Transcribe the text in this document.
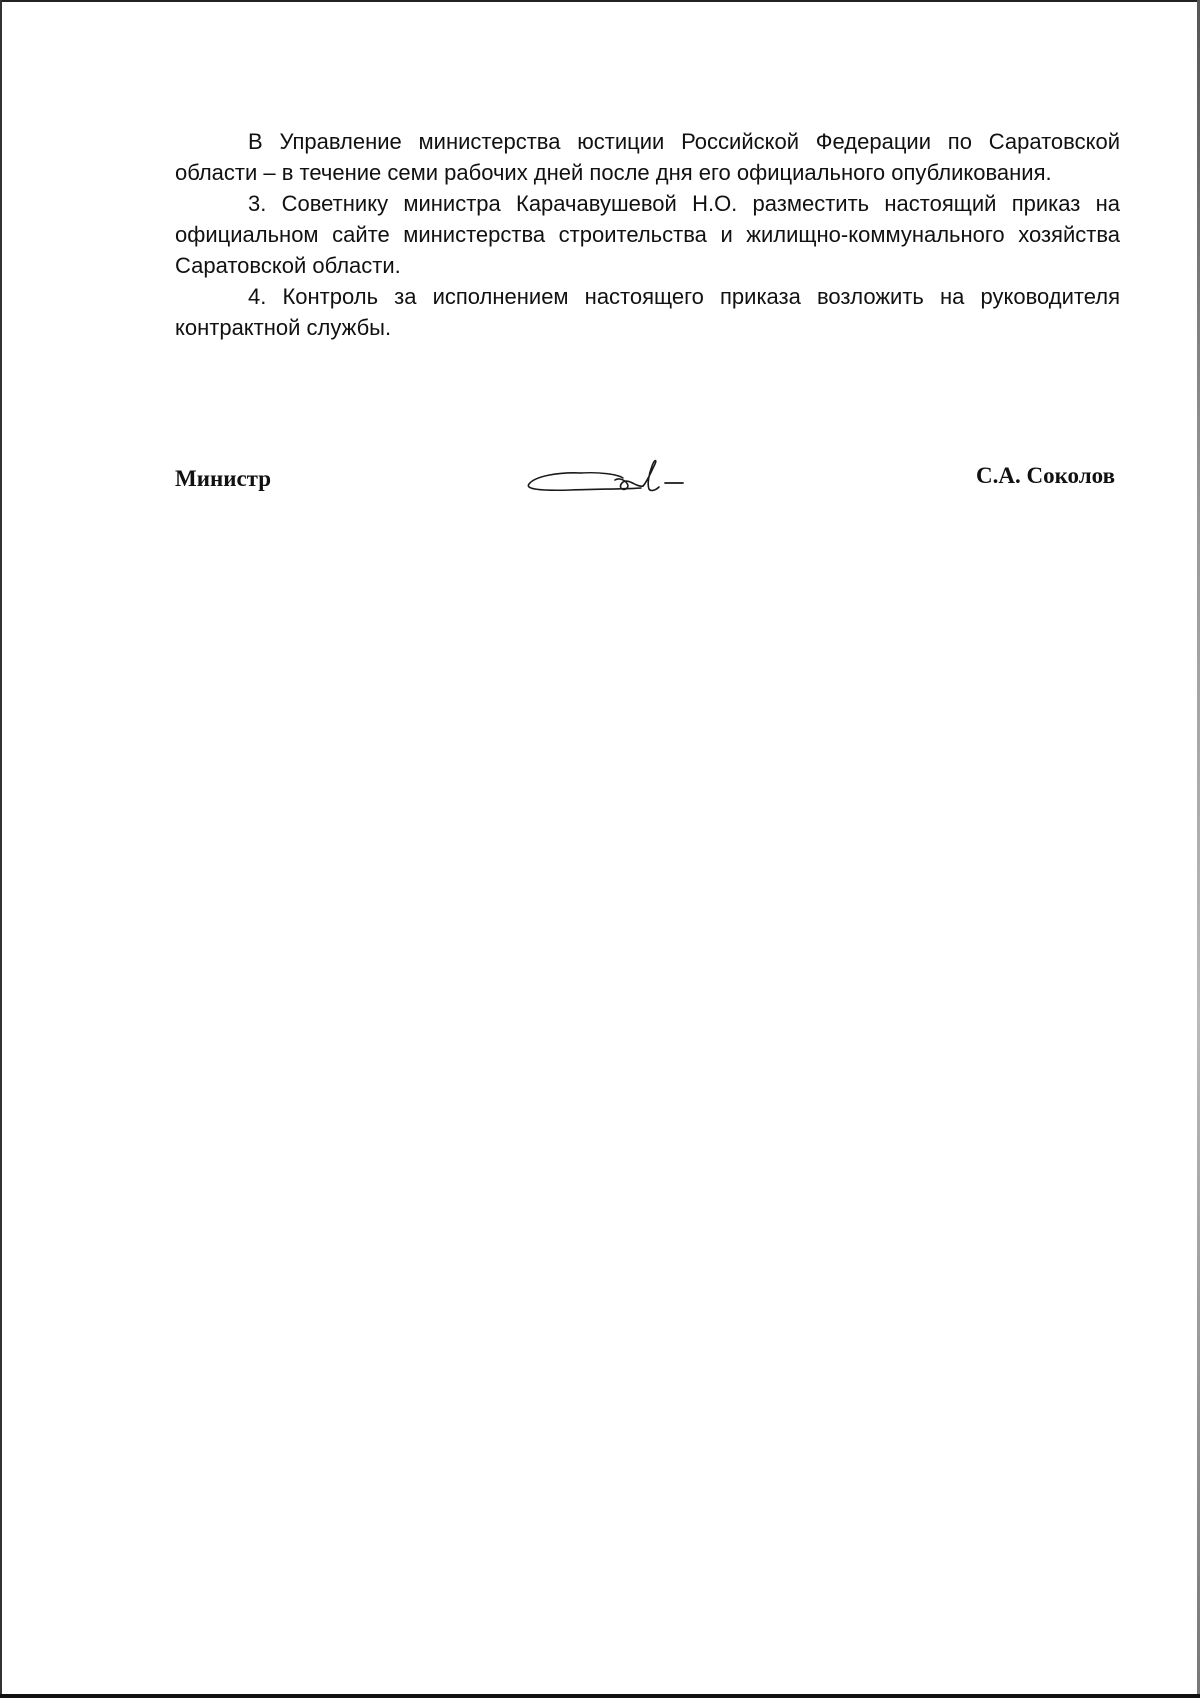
В Управление министерства юстиции Российской Федерации по Саратовской области – в течение семи рабочих дней после дня его официального опубликования.

3. Советнику министра Карачавушевой Н.О. разместить настоящий приказ на официальном сайте министерства строительства и жилищно-коммунального хозяйства Саратовской области.

4. Контроль за исполнением настоящего приказа возложить на руководителя контрактной службы.

Министр	С.А. Соколов
